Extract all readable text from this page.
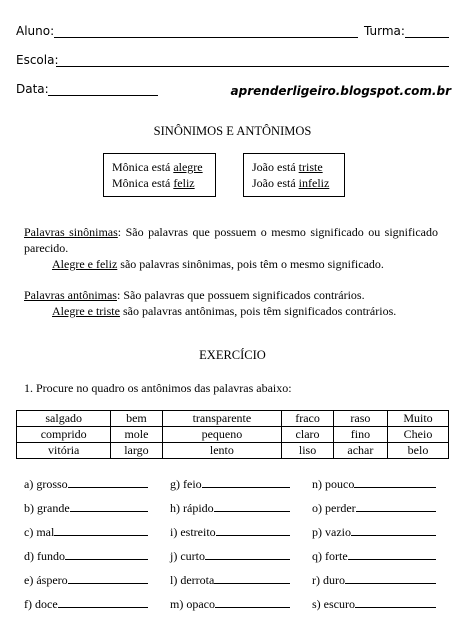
Aluno:	Turma:
Escola:
Data:	aprenderligeiro.blogspot.com.br
SINÔNIMOS E ANTÔNIMOS
Mônica está alegre
Mônica está feliz
João está triste
João está infeliz
Palavras sinônimas: São palavras que possuem o mesmo significado ou significado parecido.
Alegre e feliz são palavras sinônimas, pois têm o mesmo significado.
Palavras antônimas: São palavras que possuem significados contrários.
Alegre e triste são palavras antônimas, pois têm significados contrários.
EXERCÍCIO
1. Procure no quadro os antônimos das palavras abaixo:
salgado	bem	transparente	fraco	raso	Muito
comprido	mole	pequeno	claro	fino	Cheio
vitória	largo	lento	liso	achar	belo
a) grosso	g) feio	n) pouco
b) grande	h) rápido	o) perder
c) mal	i) estreito	p) vazio
d) fundo	j) curto	q) forte
e) áspero	l) derrota	r) duro
f) doce	m) opaco	s) escuro
